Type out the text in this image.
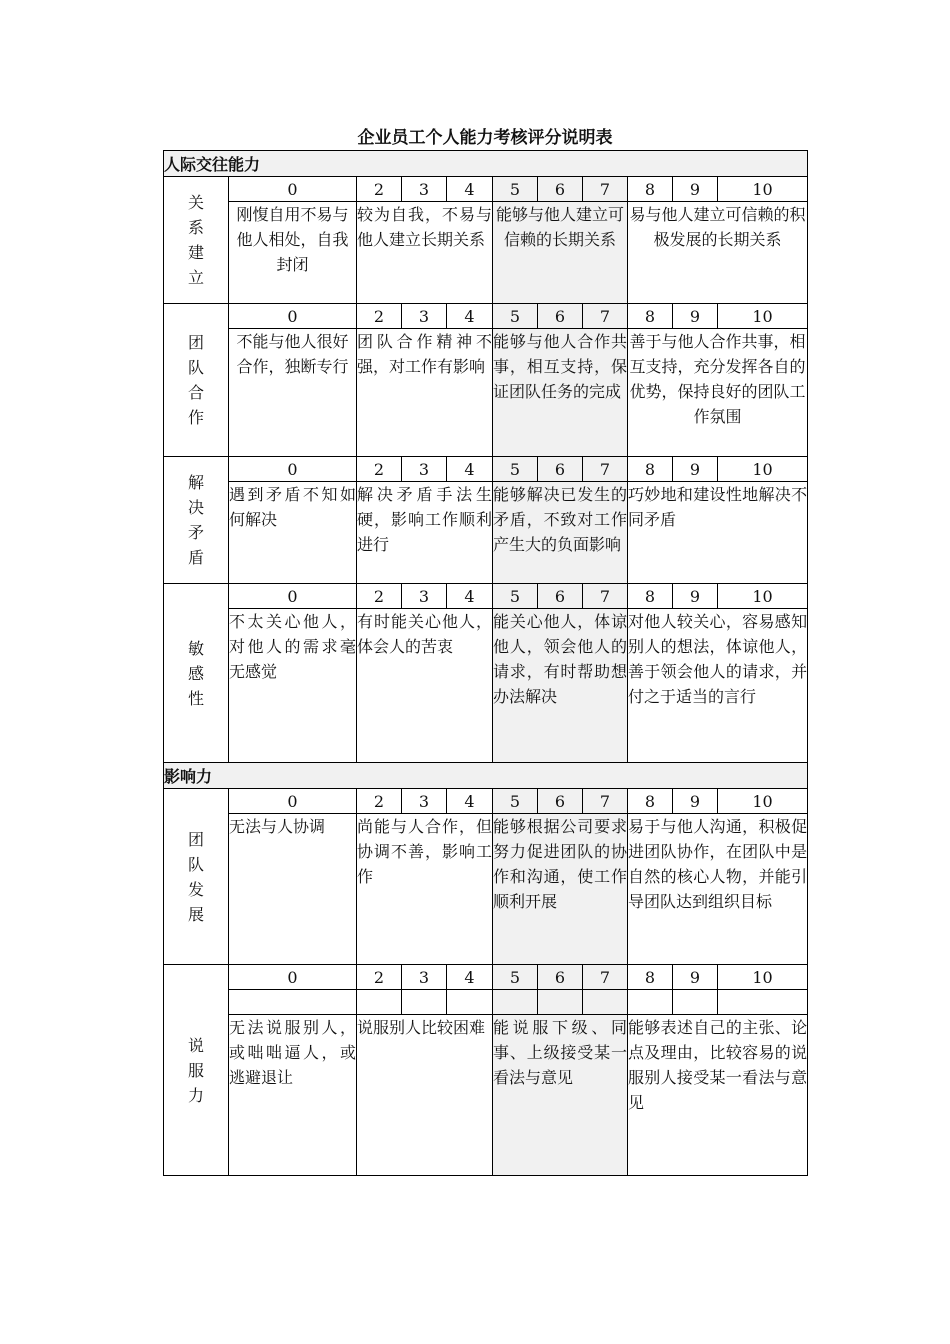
企业员工个人能力考核评分说明表
人际交往能力										
关
系
建
立	0	2	3	4	5	6	7	8	9	10
	刚愎自用不易与他人相处，自我封闭	较为自我，不易与他人建立长期关系			能够与他人建立可信赖的长期关系			易与他人建立可信赖的积极发展的长期关系		
团
队
合
作	0	2	3	4	5	6	7	8	9	10
	不能与他人很好合作，独断专行	团队合作精神不强，对工作有影响			能够与他人合作共事，相互支持，保证团队任务的完成			善于与他人合作共事，相互支持，充分发挥各自的优势，保持良好的团队工作氛围		
解
决
矛
盾	0	2	3	4	5	6	7	8	9	10
	遇到矛盾不知如何解决	解决矛盾手法生硬，影响工作顺利进行			能够解决已发生的矛盾，不致对工作产生大的负面影响			巧妙地和建设性地解决不同矛盾		
敏
感
性	0	2	3	4	5	6	7	8	9	10
	不太关心他人，对他人的需求毫无感觉	有时能关心他人，体会人的苦衷			能关心他人，体谅他人，领会他人的请求，有时帮助想办法解决			对他人较关心，容易感知别人的想法，体谅他人，善于领会他人的请求，并付之于适当的言行		
影响力										
团
队
发
展	0	2	3	4	5	6	7	8	9	10
	无法与人协调	尚能与人合作，但协调不善，影响工作			能够根据公司要求努力促进团队的协作和沟通，使工作顺利开展			易于与他人沟通，积极促进团队协作，在团队中是自然的核心人物，并能引导团队达到组织目标		
说
服
力	0	2	3	4	5	6	7	8	9	10

	无法说服别人，或咄咄逼人，或逃避退让	说服别人比较困难			能说服下级、同事、上级接受某一看法与意见			能够表述自己的主张、论点及理由，比较容易的说服别人接受某一看法与意见		
